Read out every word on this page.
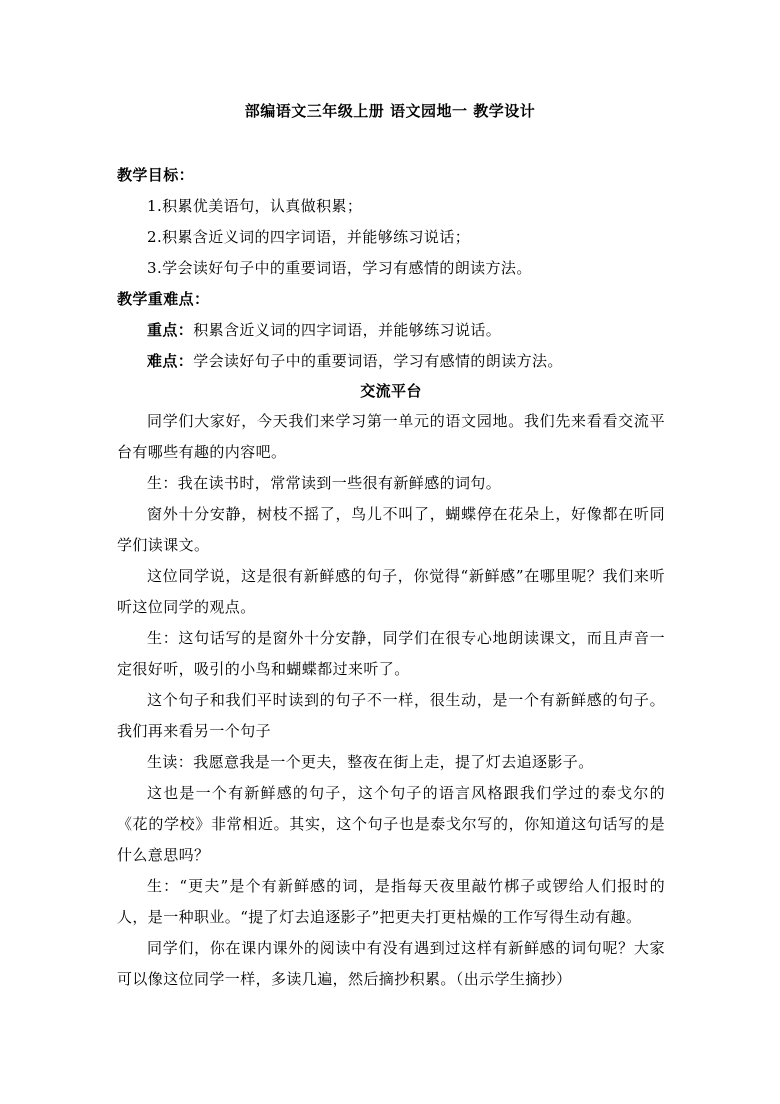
部编语文三年级上册 语文园地一 教学设计

教学目标：

1.积累优美语句，认真做积累；

2.积累含近义词的四字词语，并能够练习说话；

3.学会读好句子中的重要词语，学习有感情的朗读方法。

教学重难点：

重点：积累含近义词的四字词语，并能够练习说话。

难点：学会读好句子中的重要词语，学习有感情的朗读方法。

交流平台

同学们大家好，今天我们来学习第一单元的语文园地。我们先来看看交流平台有哪些有趣的内容吧。

生：我在读书时，常常读到一些很有新鲜感的词句。

窗外十分安静，树枝不摇了，鸟儿不叫了，蝴蝶停在花朵上，好像都在听同学们读课文。

这位同学说，这是很有新鲜感的句子，你觉得“新鲜感”在哪里呢？我们来听听这位同学的观点。

生：这句话写的是窗外十分安静，同学们在很专心地朗读课文，而且声音一定很好听，吸引的小鸟和蝴蝶都过来听了。

这个句子和我们平时读到的句子不一样，很生动，是一个有新鲜感的句子。我们再来看另一个句子

生读：我愿意我是一个更夫，整夜在街上走，提了灯去追逐影子。

这也是一个有新鲜感的句子，这个句子的语言风格跟我们学过的泰戈尔的《花的学校》非常相近。其实，这个句子也是泰戈尔写的，你知道这句话写的是什么意思吗？

生：“更夫”是个有新鲜感的词，是指每天夜里敲竹梆子或锣给人们报时的人，是一种职业。“提了灯去追逐影子”把更夫打更枯燥的工作写得生动有趣。

同学们，你在课内课外的阅读中有没有遇到过这样有新鲜感的词句呢？大家可以像这位同学一样，多读几遍，然后摘抄积累。（出示学生摘抄）
